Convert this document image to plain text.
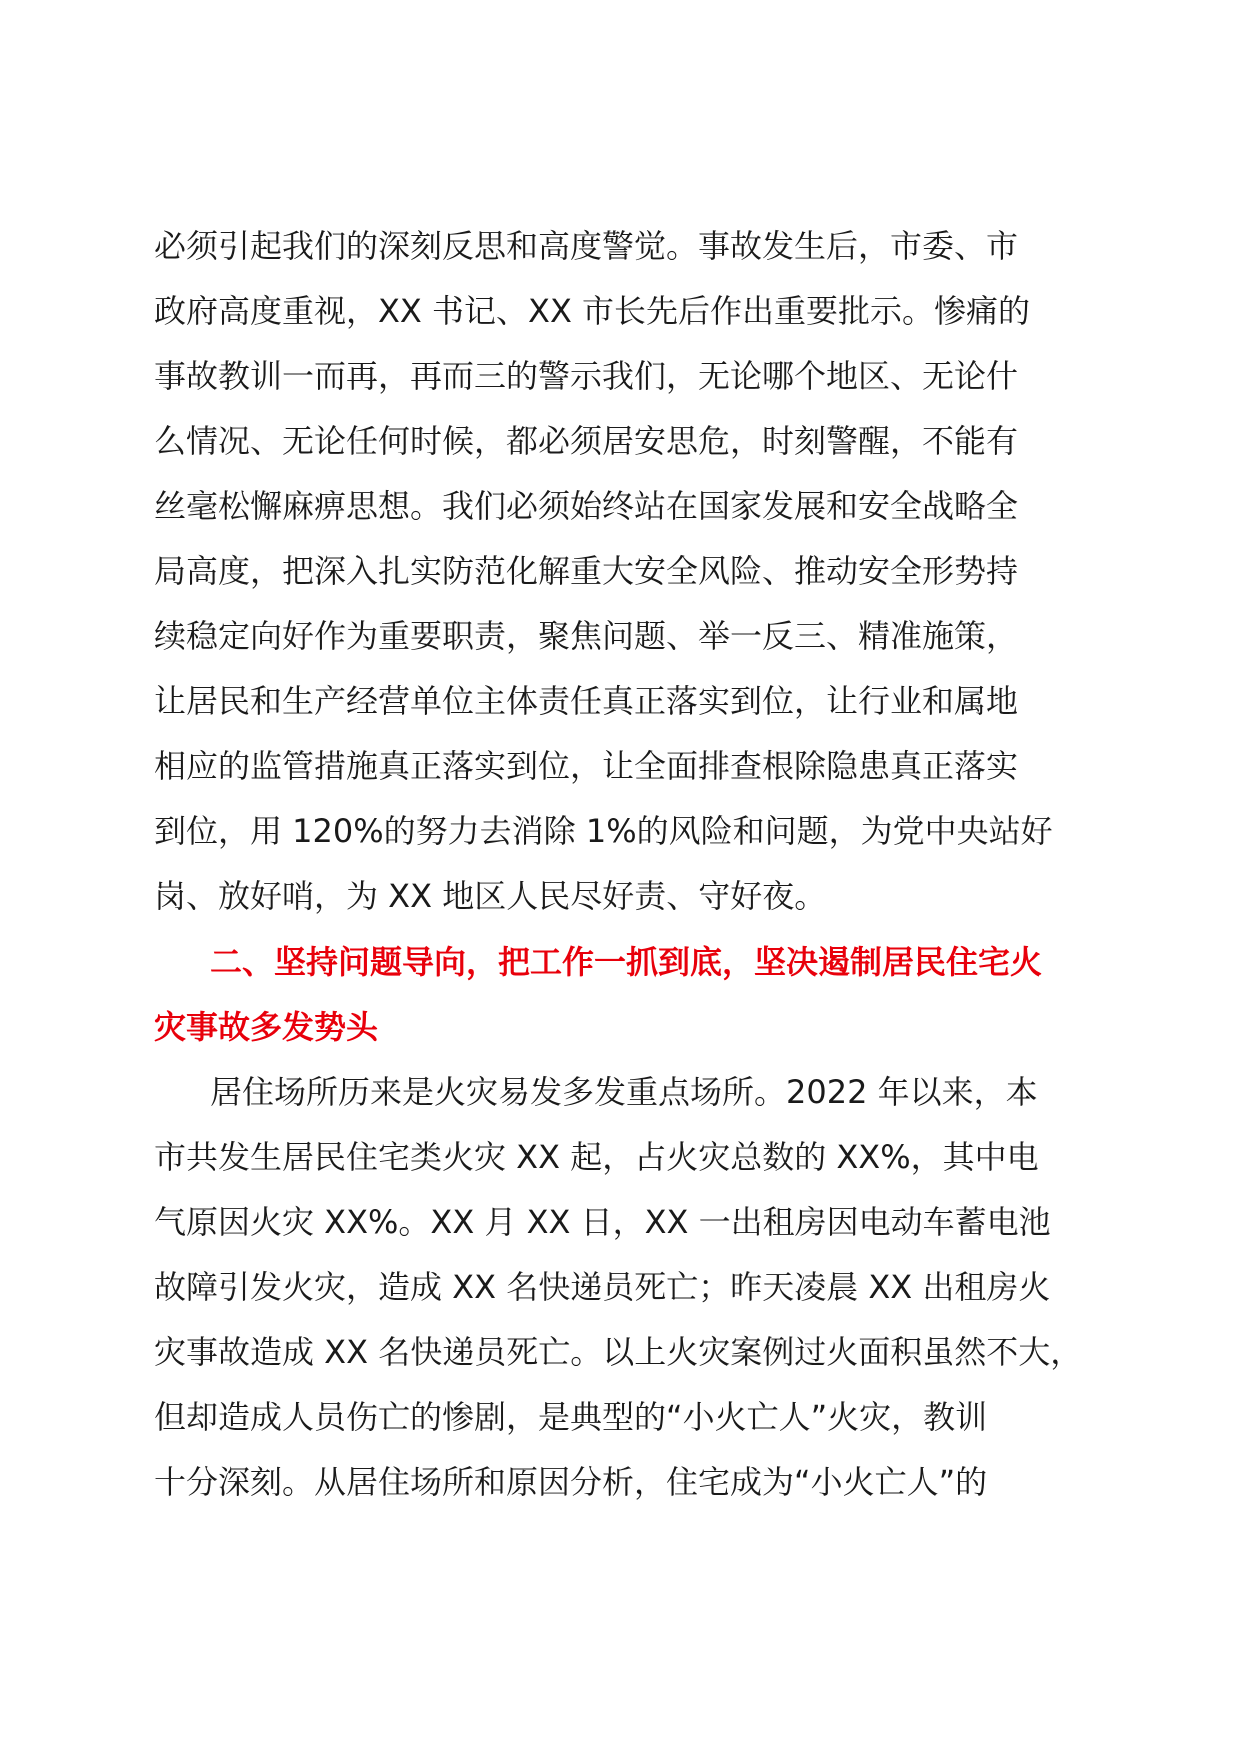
必须引起我们的深刻反思和高度警觉。事故发生后，市委、市
政府高度重视，XX 书记、XX 市长先后作出重要批示。惨痛的
事故教训一而再，再而三的警示我们，无论哪个地区、无论什
么情况、无论任何时候，都必须居安思危，时刻警醒，不能有
丝毫松懈麻痹思想。我们必须始终站在国家发展和安全战略全
局高度，把深入扎实防范化解重大安全风险、推动安全形势持
续稳定向好作为重要职责，聚焦问题、举一反三、精准施策，
让居民和生产经营单位主体责任真正落实到位，让行业和属地
相应的监管措施真正落实到位，让全面排查根除隐患真正落实
到位，用 120%的努力去消除 1%的风险和问题，为党中央站好
岗、放好哨，为 XX 地区人民尽好责、守好夜。
二、坚持问题导向，把工作一抓到底，坚决遏制居民住宅火
灾事故多发势头
居住场所历来是火灾易发多发重点场所。2022 年以来，本
市共发生居民住宅类火灾 XX 起，占火灾总数的 XX%，其中电
气原因火灾 XX%。XX 月 XX 日，XX 一出租房因电动车蓄电池
故障引发火灾，造成 XX 名快递员死亡；昨天凌晨 XX 出租房火
灾事故造成 XX 名快递员死亡。以上火灾案例过火面积虽然不大，
但却造成人员伤亡的惨剧，是典型的“小火亡人”火灾，教训
十分深刻。从居住场所和原因分析，住宅成为“小火亡人”的
